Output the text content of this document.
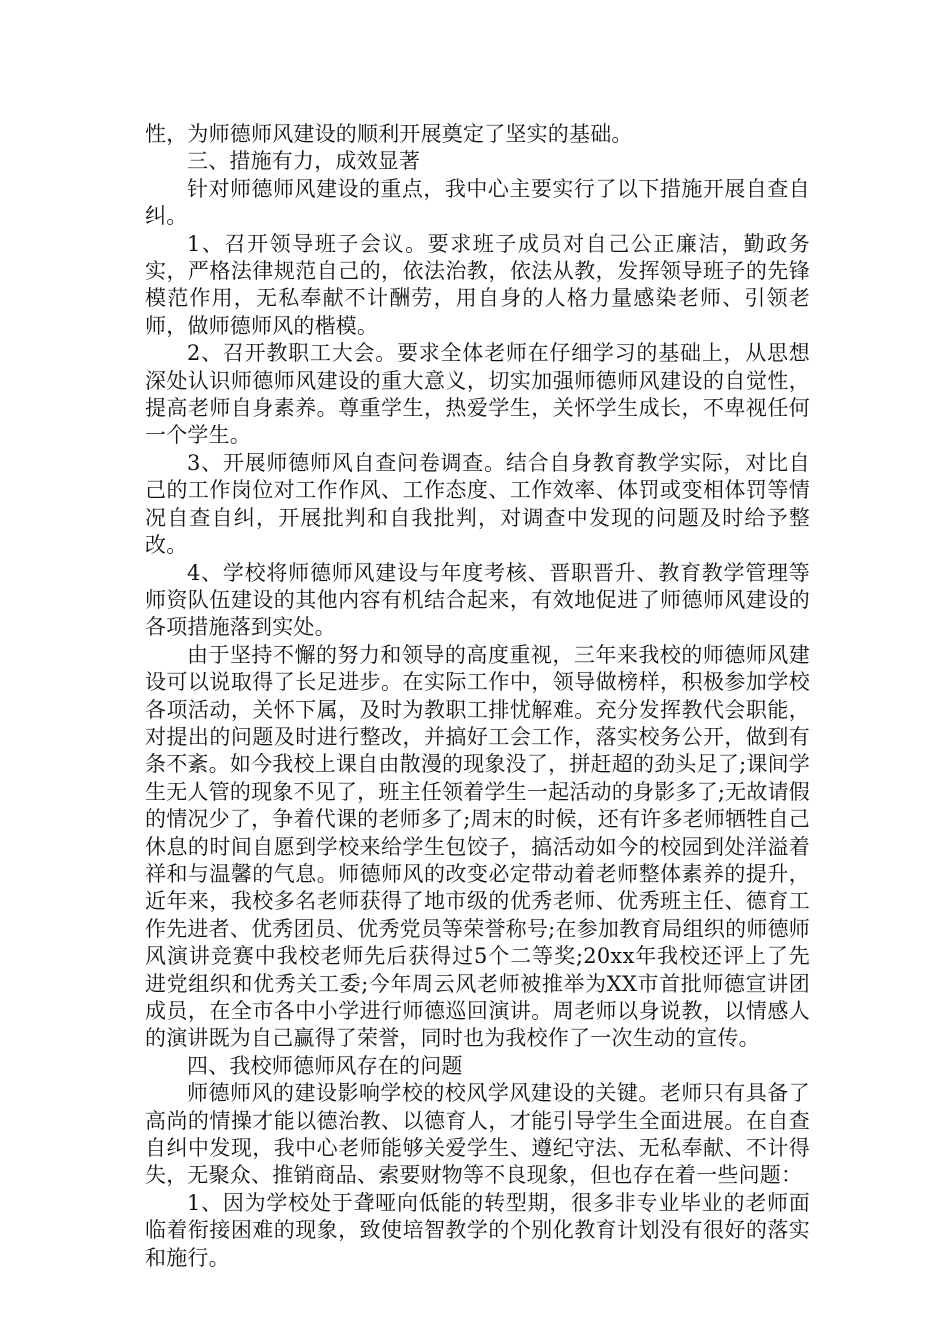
性，为师德师风建设的顺利开展奠定了坚实的基础。

三、措施有力，成效显著

针对师德师风建设的重点，我中心主要实行了以下措施开展自查自纠。

1、召开领导班子会议。要求班子成员对自己公正廉洁，勤政务实，严格法律规范自己的，依法治教，依法从教，发挥领导班子的先锋模范作用，无私奉献不计酬劳，用自身的人格力量感染老师、引领老师，做师德师风的楷模。

2、召开教职工大会。要求全体老师在仔细学习的基础上，从思想深处认识师德师风建设的重大意义，切实加强师德师风建设的自觉性，提高老师自身素养。尊重学生，热爱学生，关怀学生成长，不卑视任何一个学生。

3、开展师德师风自查问卷调查。结合自身教育教学实际，对比自己的工作岗位对工作作风、工作态度、工作效率、体罚或变相体罚等情况自查自纠，开展批判和自我批判，对调查中发现的问题及时给予整改。

4、学校将师德师风建设与年度考核、晋职晋升、教育教学管理等师资队伍建设的其他内容有机结合起来，有效地促进了师德师风建设的各项措施落到实处。

由于坚持不懈的努力和领导的高度重视，三年来我校的师德师风建设可以说取得了长足进步。在实际工作中，领导做榜样，积极参加学校各项活动，关怀下属，及时为教职工排忧解难。充分发挥教代会职能，对提出的问题及时进行整改，并搞好工会工作，落实校务公开，做到有条不紊。如今我校上课自由散漫的现象没了，拼赶超的劲头足了;课间学生无人管的现象不见了，班主任领着学生一起活动的身影多了;无故请假的情况少了，争着代课的老师多了;周末的时候，还有许多老师牺牲自己休息的时间自愿到学校来给学生包饺子，搞活动如今的校园到处洋溢着祥和与温馨的气息。师德师风的改变必定带动着老师整体素养的提升，近年来，我校多名老师获得了地市级的优秀老师、优秀班主任、德育工作先进者、优秀团员、优秀党员等荣誉称号;在参加教育局组织的师德师风演讲竞赛中我校老师先后获得过5个二等奖;20xx年我校还评上了先进党组织和优秀关工委;今年周云风老师被推举为XX市首批师德宣讲团成员，在全市各中小学进行师德巡回演讲。周老师以身说教，以情感人的演讲既为自己赢得了荣誉，同时也为我校作了一次生动的宣传。

四、我校师德师风存在的问题

师德师风的建设影响学校的校风学风建设的关键。老师只有具备了高尚的情操才能以德治教、以德育人，才能引导学生全面进展。在自查自纠中发现，我中心老师能够关爱学生、遵纪守法、无私奉献、不计得失，无聚众、推销商品、索要财物等不良现象，但也存在着一些问题：

1、因为学校处于聋哑向低能的转型期，很多非专业毕业的老师面临着衔接困难的现象，致使培智教学的个别化教育计划没有很好的落实和施行。
